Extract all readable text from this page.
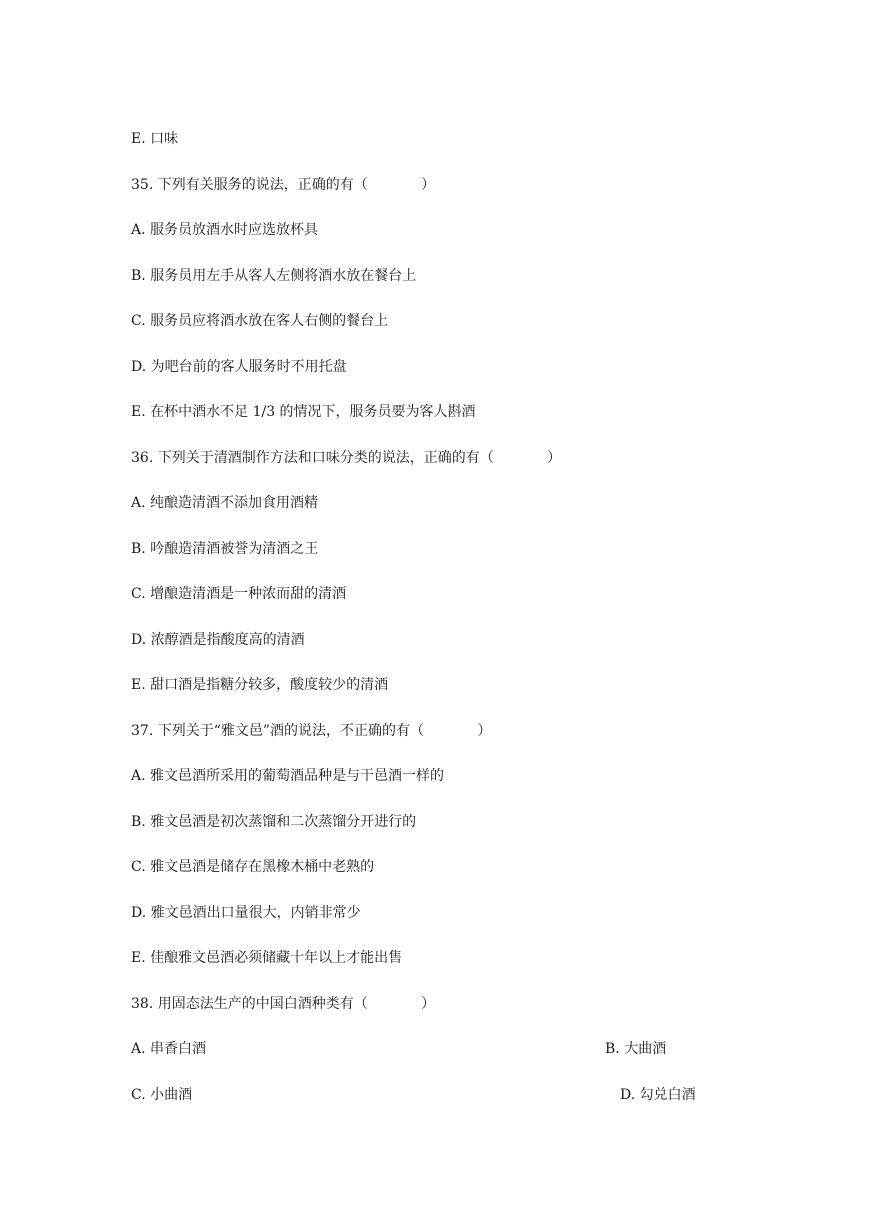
E. 口味

35. 下列有关服务的说法，正确的有（            ）

A. 服务员放酒水时应选放杯具

B. 服务员用左手从客人左侧将酒水放在餐台上

C. 服务员应将酒水放在客人右侧的餐台上

D. 为吧台前的客人服务时不用托盘

E. 在杯中酒水不足 1/3 的情况下，服务员要为客人斟酒

36. 下列关于清酒制作方法和口味分类的说法，正确的有（            ）

A. 纯酿造清酒不添加食用酒精

B. 吟酿造清酒被誉为清酒之王

C. 增酿造清酒是一种浓而甜的清酒

D. 浓醇酒是指酸度高的清酒

E. 甜口酒是指糖分较多，酸度较少的清酒

37. 下列关于“雅文邑”酒的说法，不正确的有（            ）

A. 雅文邑酒所采用的葡萄酒品种是与干邑酒一样的

B. 雅文邑酒是初次蒸馏和二次蒸馏分开进行的

C. 雅文邑酒是储存在黑橡木桶中老熟的

D. 雅文邑酒出口量很大，内销非常少

E. 佳酿雅文邑酒必须储藏十年以上才能出售

38. 用固态法生产的中国白酒种类有（            ）

A. 串香白酒	B. 大曲酒
C. 小曲酒	D. 勾兑白酒
